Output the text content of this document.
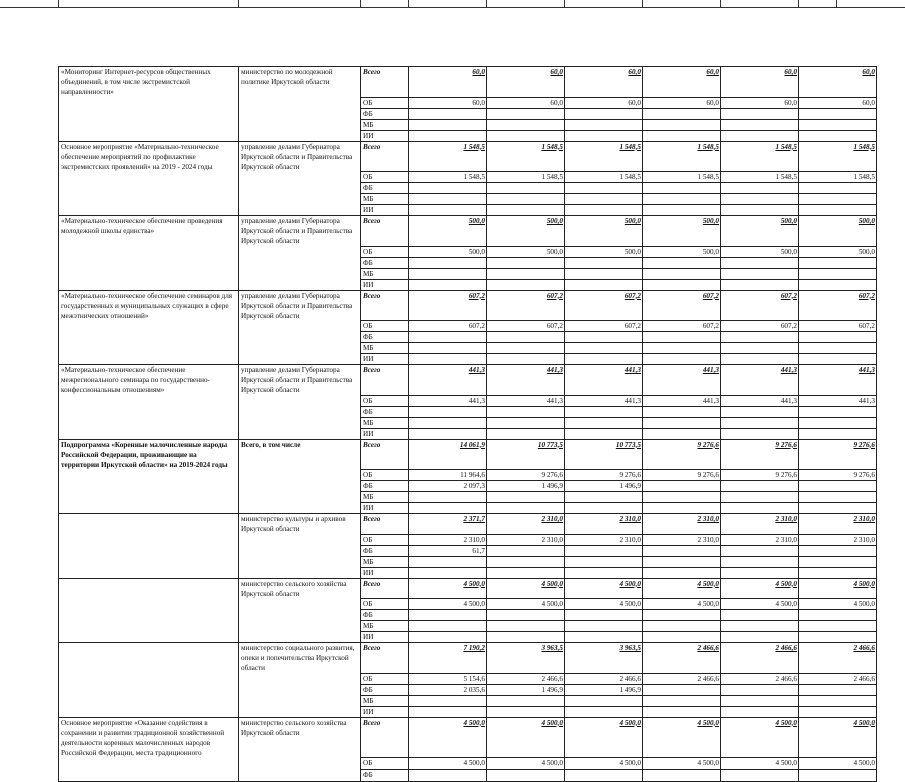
«Мониторинг Интернет-ресурсов общественных объединений, в том числе экстремистской направленности»	министерство по молодежной политике Иркутской области	Всего	60,0	60,0	60,0	60,0	60,0	60,0
		ОБ	60,0	60,0	60,0	60,0	60,0	60,0
		ФБ						
		МБ						
		ИИ						
Основное мероприятие «Материально-техническое обеспечение мероприятий по профилактике экстремистских проявлений» на 2019 - 2024 годы	управление делами Губернатора Иркутской области и Правительства Иркутской области	Всего	1 548,5	1 548,5	1 548,5	1 548,5	1 548,5	1 548,5
		ОБ	1 548,5	1 548,5	1 548,5	1 548,5	1 548,5	1 548,5
		ФБ						
		МБ						
		ИИ						
«Материально-техническое обеспечение проведения молодежной школы единства»	управление делами Губернатора Иркутской области и Правительства Иркутской области	Всего	500,0	500,0	500,0	500,0	500,0	500,0
		ОБ	500,0	500,0	500,0	500,0	500,0	500,0
		ФБ						
		МБ						
		ИИ						
«Материально-техническое обеспечение семинаров для государственных и муниципальных служащих в сфере межэтнических отношений»	управление делами Губернатора Иркутской области и Правительства Иркутской области	Всего	607,2	607,2	607,2	607,2	607,2	607,2
		ОБ	607,2	607,2	607,2	607,2	607,2	607,2
		ФБ						
		МБ						
		ИИ						
«Материально-техническое обеспечение межрегионального семинара по государственно-конфессиональным отношениям»	управление делами Губернатора Иркутской области и Правительства Иркутской области	Всего	441,3	441,3	441,3	441,3	441,3	441,3
		ОБ	441,3	441,3	441,3	441,3	441,3	441,3
		ФБ						
		МБ						
		ИИ						
Подпрограмма «Коренные малочисленные народы Российской Федерации, проживающие на территории Иркутской области» на 2019-2024 годы	Всего, в том числе	Всего	14 061,9	10 773,5	10 773,5	9 276,6	9 276,6	9 276,6
		ОБ	11 964,6	9 276,6	9 276,6	9 276,6	9 276,6	9 276,6
		ФБ	2 097,3	1 496,9	1 496,9			
		МБ						
		ИИ						
	министерство культуры и архивов Иркутской области	Всего	2 371,7	2 310,0	2 310,0	2 310,0	2 310,0	2 310,0
		ОБ	2 310,0	2 310,0	2 310,0	2 310,0	2 310,0	2 310,0
		ФБ	61,7					
		МБ						
		ИИ						
	министерство сельского хозяйства Иркутской области	Всего	4 500,0	4 500,0	4 500,0	4 500,0	4 500,0	4 500,0
		ОБ	4 500,0	4 500,0	4 500,0	4 500,0	4 500,0	4 500,0
		ФБ						
		МБ						
		ИИ						
	министерство социального развития, опеки и попечительства Иркутской области	Всего	7 190,2	3 963,5	3 963,5	2 466,6	2 466,6	2 466,6
		ОБ	5 154,6	2 466,6	2 466,6	2 466,6	2 466,6	2 466,6
		ФБ	2 035,6	1 496,9	1 496,9			
		МБ						
		ИИ						
Основное мероприятие «Оказание содействия в сохранении и развитии традиционной хозяйственной деятельности коренных малочисленных народов Российской Федерации, места традиционного	министерство сельского хозяйства Иркутской области	Всего	4 500,0	4 500,0	4 500,0	4 500,0	4 500,0	4 500,0
		ОБ	4 500,0	4 500,0	4 500,0	4 500,0	4 500,0	4 500,0
		ФБ						
